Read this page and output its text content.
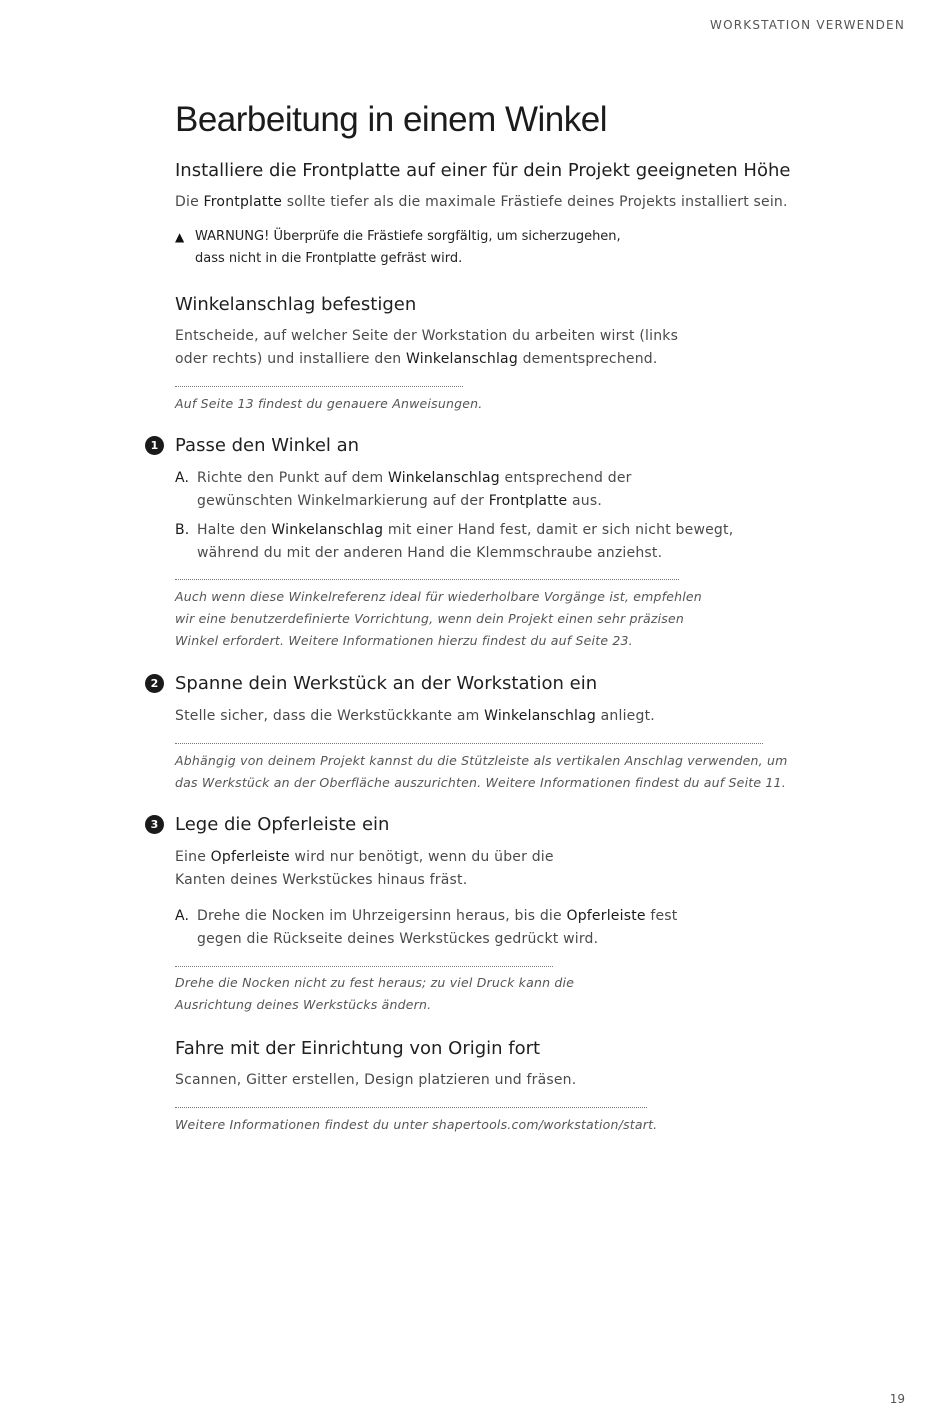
WORKSTATION VERWENDEN
Bearbeitung in einem Winkel
Installiere die Frontplatte auf einer für dein Projekt geeigneten Höhe

Die Frontplatte sollte tiefer als die maximale Frästiefe deines Projekts installiert sein.

▲ WARNUNG! Überprüfe die Frästiefe sorgfältig, um sicherzugehen,
dass nicht in die Frontplatte gefräst wird.
Winkelanschlag befestigen

Entscheide, auf welcher Seite der Workstation du arbeiten wirst (links

oder rechts) und installiere den Winkelanschlag dementsprechend.

Auf Seite 13 findest du genauere Anweisungen.
1 Passe den Winkel an
A. Richte den Punkt auf dem Winkelanschlag entsprechend der
gewünschten Winkelmarkierung auf der Frontplatte aus.
B. Halte den Winkelanschlag mit einer Hand fest, damit er sich nicht bewegt,
während du mit der anderen Hand die Klemmschraube anziehst.
Auch wenn diese Winkelreferenz ideal für wiederholbare Vorgänge ist, empfehlen
wir eine benutzerdefinierte Vorrichtung, wenn dein Projekt einen sehr präzisen
Winkel erfordert. Weitere Informationen hierzu findest du auf Seite 23.
2 Spanne dein Werkstück an der Workstation ein

Stelle sicher, dass die Werkstückkante am Winkelanschlag anliegt.

Abhängig von deinem Projekt kannst du die Stützleiste als vertikalen Anschlag verwenden, um
das Werkstück an der Oberfläche auszurichten. Weitere Informationen findest du auf Seite 11.
3 Lege die Opferleiste ein

Eine Opferleiste wird nur benötigt, wenn du über die

Kanten deines Werkstückes hinaus fräst.

A. Drehe die Nocken im Uhrzeigersinn heraus, bis die Opferleiste fest
gegen die Rückseite deines Werkstückes gedrückt wird.
Drehe die Nocken nicht zu fest heraus; zu viel Druck kann die
Ausrichtung deines Werkstücks ändern.
Fahre mit der Einrichtung von Origin fort

Scannen, Gitter erstellen, Design platzieren und fräsen.

Weitere Informationen findest du unter shapertools.com/workstation/start.
19
